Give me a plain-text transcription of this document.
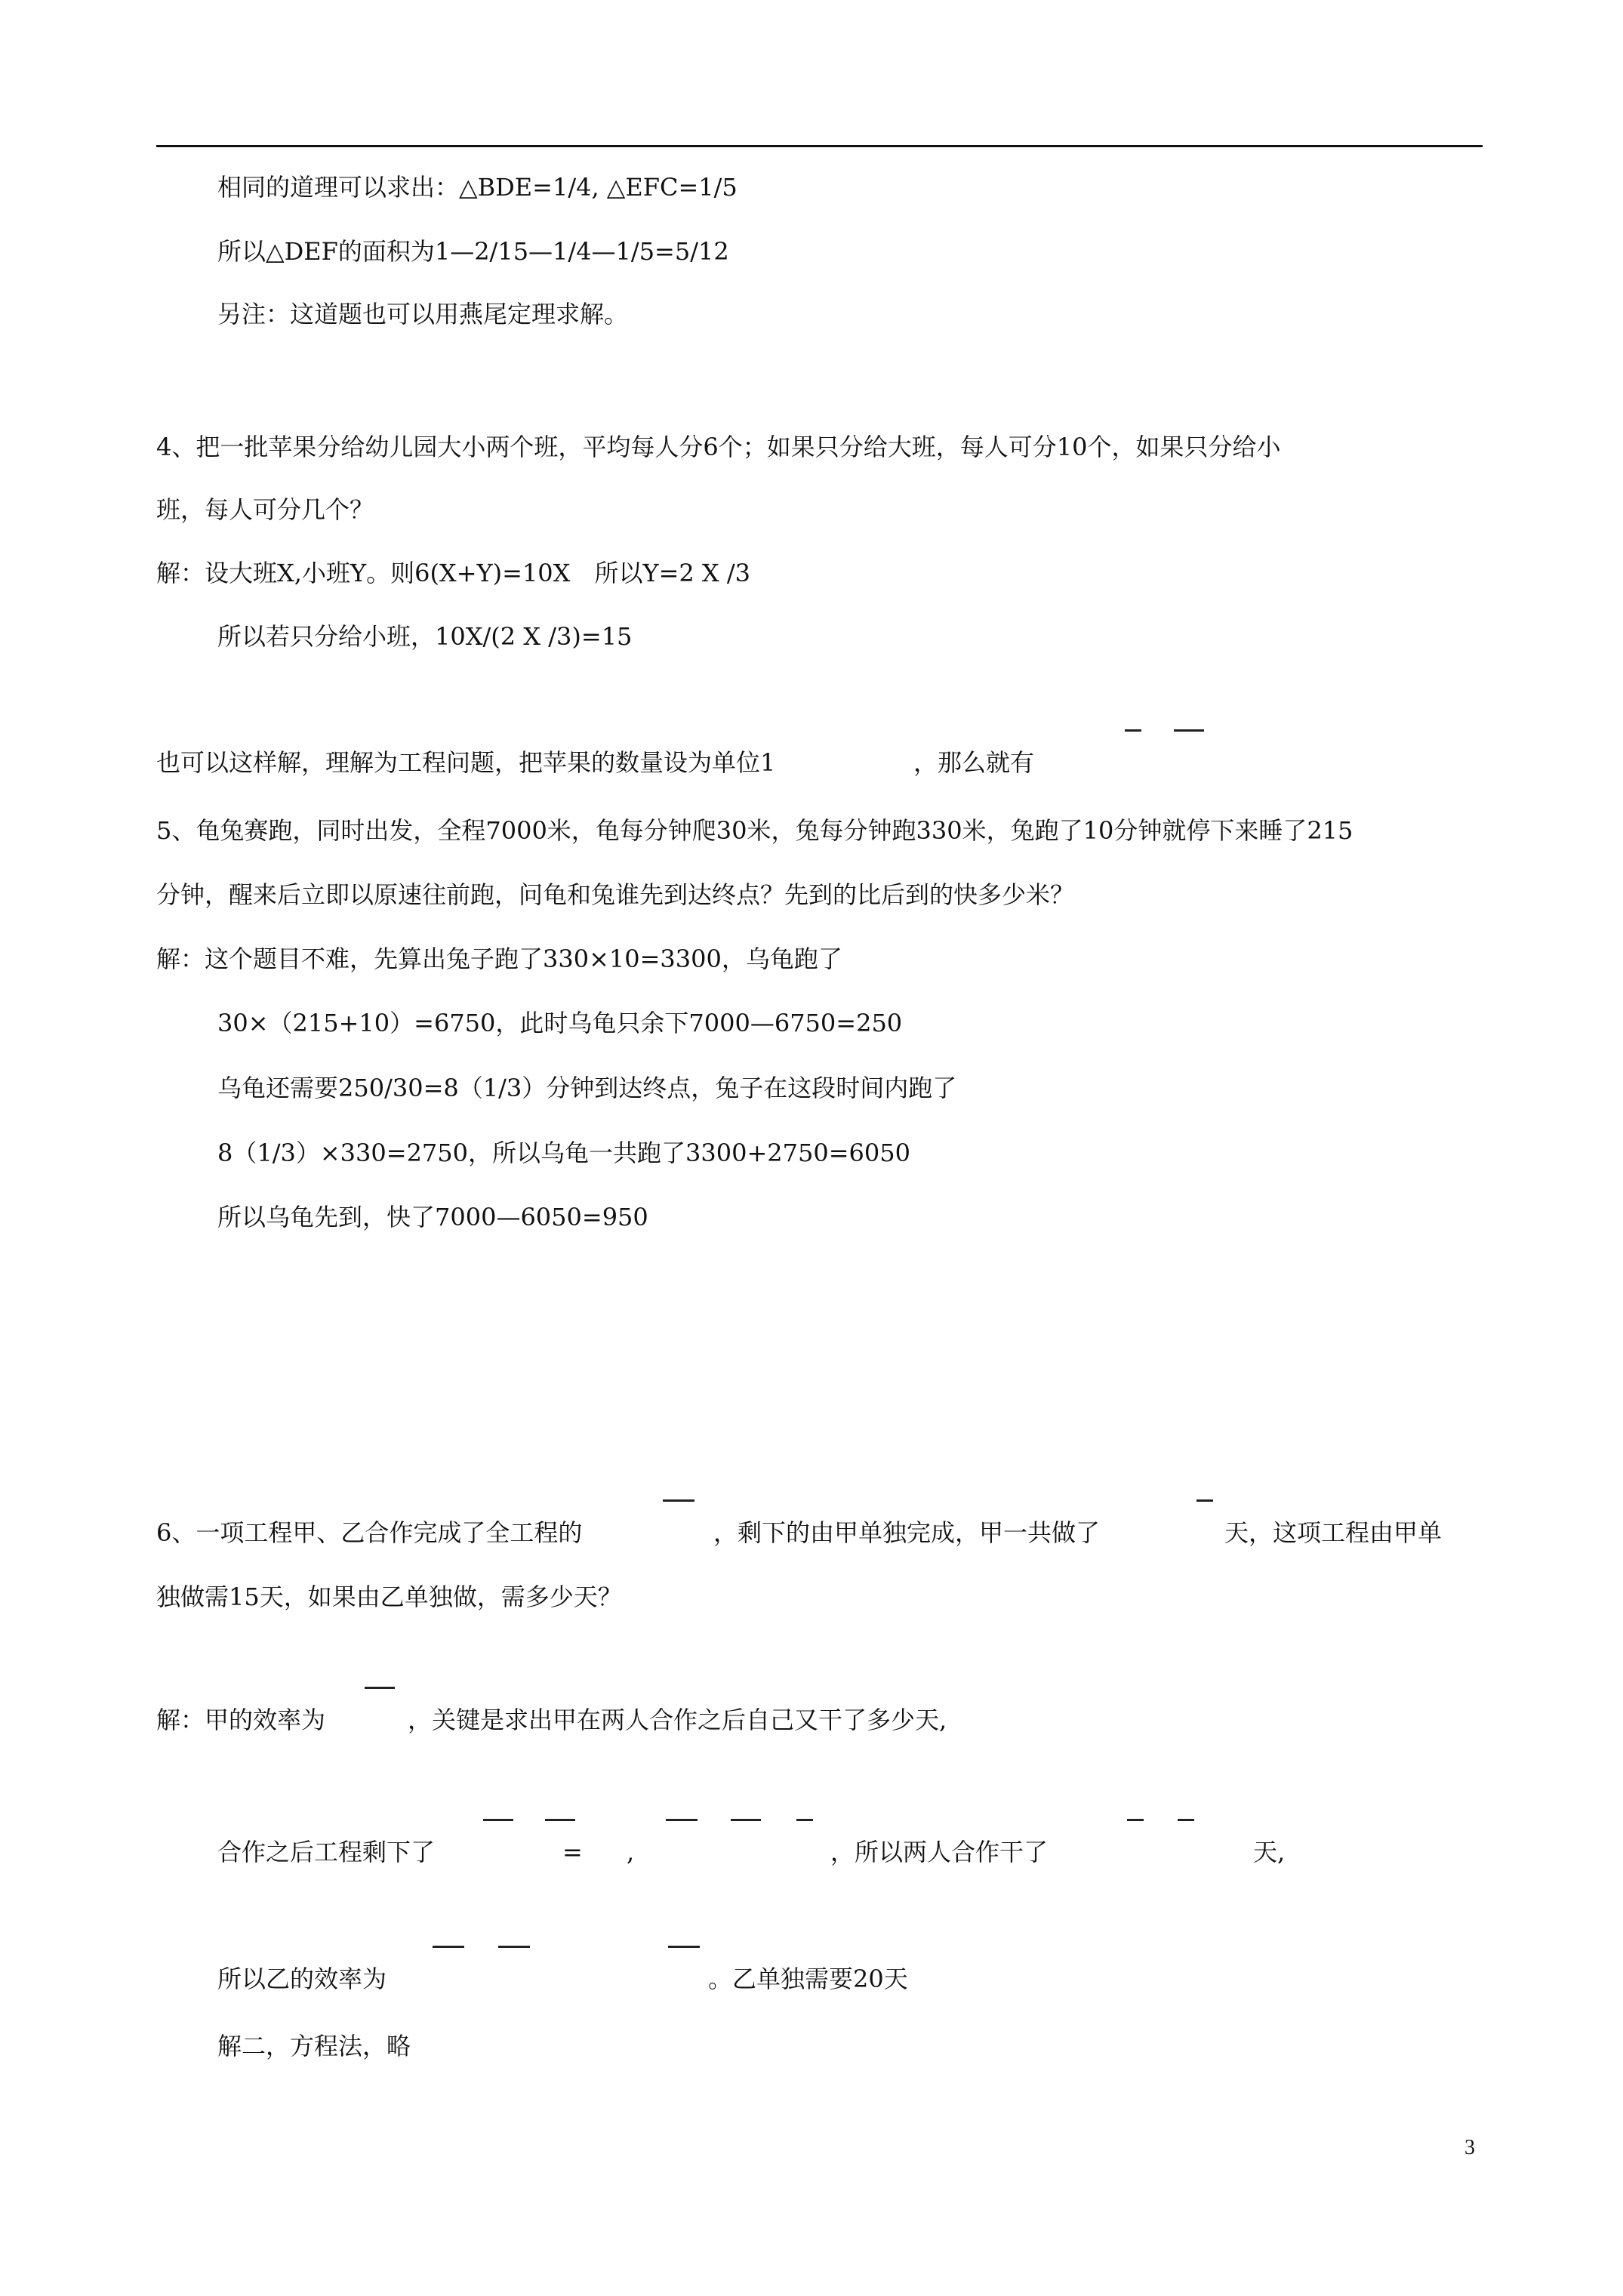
相同的道理可以求出：△BDE=1/4, △EFC=1/5
所以△DEF的面积为1—2/15—1/4—1/5=5/12
另注：这道题也可以用燕尾定理求解。
4、把一批苹果分给幼儿园大小两个班，平均每人分6个；如果只分给大班，每人可分10个，如果只分给小
班，每人可分几个？
解：设大班X,小班Y。则6(X+Y)=10X　所以Y=2 X /3
所以若只分给小班，10X/(2 X /3)=15
也可以这样解，理解为工程问题，把苹果的数量设为单位1	，那么就有
5、龟兔赛跑，同时出发，全程7000米，龟每分钟爬30米，兔每分钟跑330米，兔跑了10分钟就停下来睡了215
分钟，醒来后立即以原速往前跑，问龟和兔谁先到达终点？先到的比后到的快多少米？
解：这个题目不难，先算出兔子跑了330×10=3300，乌龟跑了
30×（215+10）=6750，此时乌龟只余下7000—6750=250
乌龟还需要250/30=8（1/3）分钟到达终点，兔子在这段时间内跑了
8（1/3）×330=2750，所以乌龟一共跑了3300+2750=6050
所以乌龟先到，快了7000—6050=950
6、一项工程甲、乙合作完成了全工程的	，剩下的由甲单独完成，甲一共做了	天，这项工程由甲单
独做需15天，如果由乙单独做，需多少天？
解：甲的效率为	，关键是求出甲在两人合作之后自己又干了多少天,
合作之后工程剩下了	= ,	，所以两人合作干了	天,
所以乙的效率为	。乙单独需要20天
解二，方程法，略
3
